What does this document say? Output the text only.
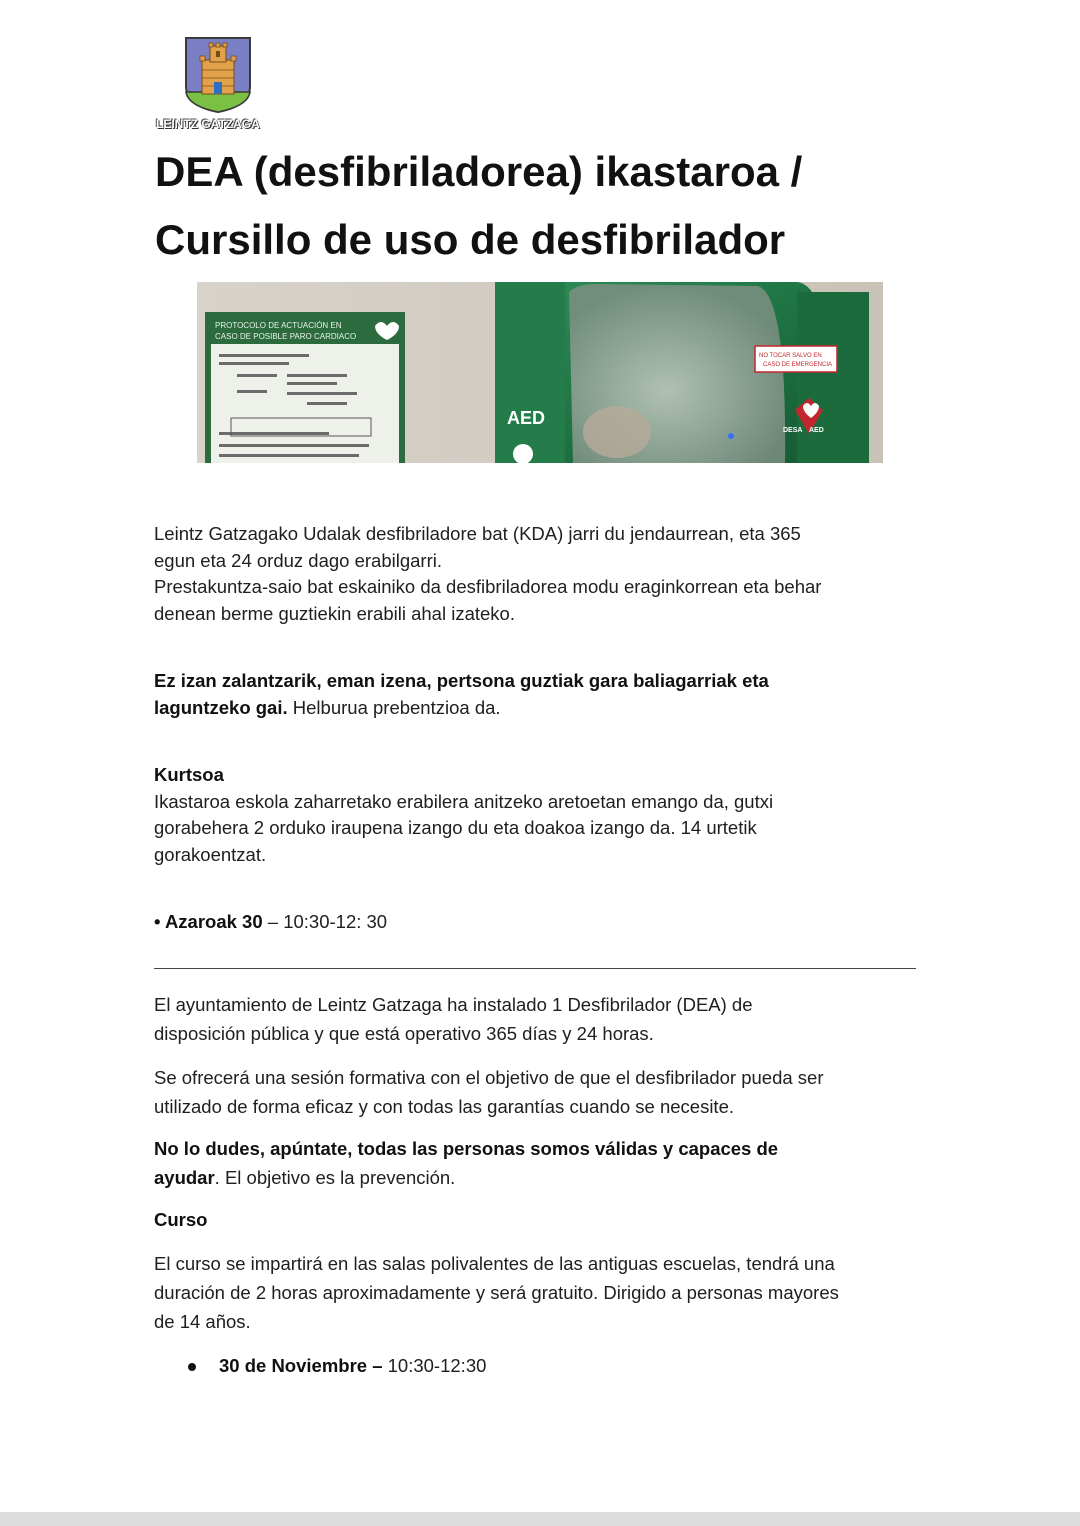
LEINTZ GATZAGA
DEA (desfibriladorea) ikastaroa /
Cursillo de uso de desfibrilador
PROTOCOLO DE ACTUACIÓN EN
CASO DE POSIBLE PARO CARDIACO
AED
NO TOCAR SALVO EN
CASO DE EMERGENCIA
DESA AED

Leintz Gatzagako Udalak desfibriladore bat (KDA) jarri du jendaurrean, eta 365

egun eta 24 orduz dago erabilgarri.

Prestakuntza-saio bat eskainiko da desfibriladorea modu eraginkorrean eta behar

denean berme guztiekin erabili ahal izateko.

Ez izan zalantzarik, eman izena, pertsona guztiak gara baliagarriak eta

laguntzeko gai. Helburua prebentzioa da.

Kurtsoa

Ikastaroa eskola zaharretako erabilera anitzeko aretoetan emango da, gutxi

gorabehera 2 orduko iraupena izango du eta doakoa izango da. 14 urtetik

gorakoentzat.

• Azaroak 30 – 10:30-12: 30

El ayuntamiento de Leintz Gatzaga ha instalado 1 Desfibrilador (DEA) de

disposición pública y que está operativo 365 días y 24 horas.

Se ofrecerá una sesión formativa con el objetivo de que el desfibrilador pueda ser

utilizado de forma eficaz y con todas las garantías cuando se necesite.

No lo dudes, apúntate, todas las personas somos válidas y capaces de

ayudar. El objetivo es la prevención.

Curso

El curso se impartirá en las salas polivalentes de las antiguas escuelas, tendrá una

duración de 2 horas aproximadamente y será gratuito. Dirigido a personas mayores

de 14 años.

30 de Noviembre – 10:30-12:30
